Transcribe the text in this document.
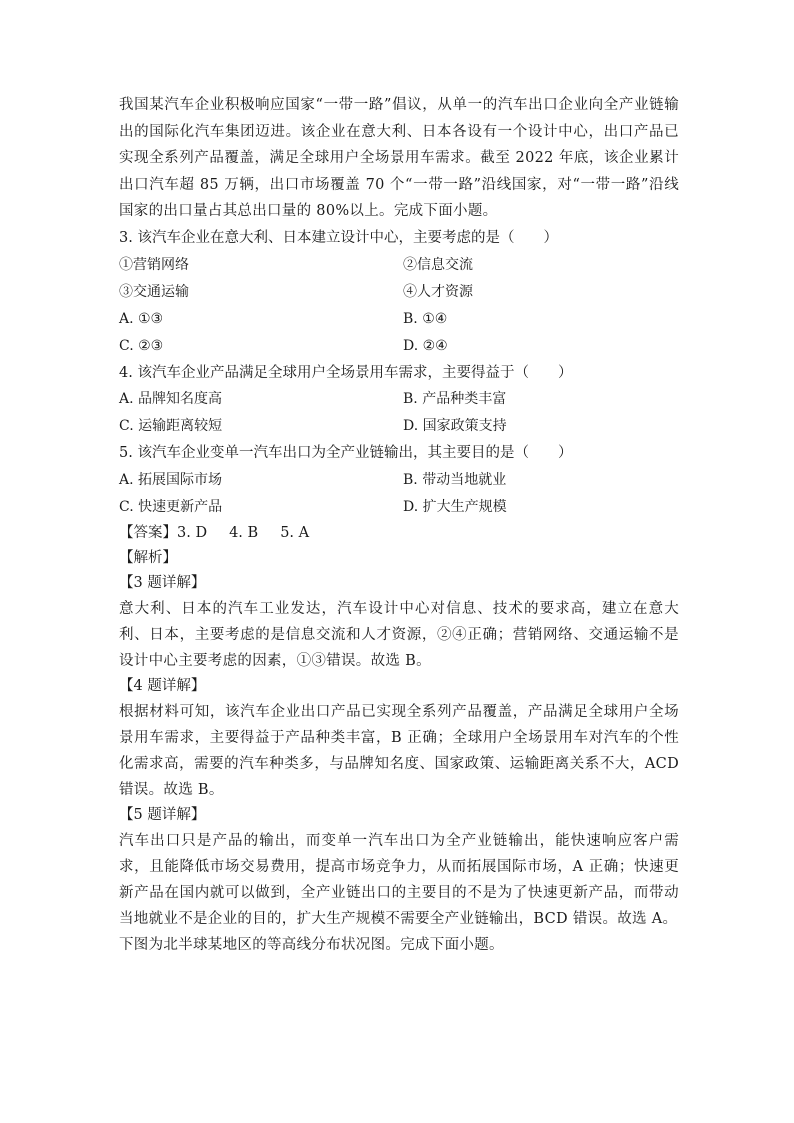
我国某汽车企业积极响应国家“一带一路”倡议，从单一的汽车出口企业向全产业链输出的国际化汽车集团迈进。该企业在意大利、日本各设有一个设计中心，出口产品已实现全系列产品覆盖，满足全球用户全场景用车需求。截至 2022 年底，该企业累计出口汽车超 85 万辆，出口市场覆盖 70 个“一带一路”沿线国家，对“一带一路”沿线国家的出口量占其总出口量的 80%以上。完成下面小题。

3. 该汽车企业在意大利、日本建立设计中心，主要考虑的是（　　）

①营销网络	②信息交流

③交通运输	④人才资源

A. ①③	B. ①④

C. ②③	D. ②④

4. 该汽车企业产品满足全球用户全场景用车需求，主要得益于（　　）

A. 品牌知名度高	B. 产品种类丰富

C. 运输距离较短	D. 国家政策支持

5. 该汽车企业变单一汽车出口为全产业链输出，其主要目的是（　　）

A. 拓展国际市场	B. 带动当地就业

C. 快速更新产品	D. 扩大生产规模

【答案】3. D 4. B 5. A

【解析】

【3 题详解】

意大利、日本的汽车工业发达，汽车设计中心对信息、技术的要求高，建立在意大利、日本，主要考虑的是信息交流和人才资源，②④正确；营销网络、交通运输不是设计中心主要考虑的因素，①③错误。故选 B。

【4 题详解】

根据材料可知，该汽车企业出口产品已实现全系列产品覆盖，产品满足全球用户全场景用车需求，主要得益于产品种类丰富，B 正确；全球用户全场景用车对汽车的个性化需求高，需要的汽车种类多，与品牌知名度、国家政策、运输距离关系不大，ACD 错误。故选 B。

【5 题详解】

汽车出口只是产品的输出，而变单一汽车出口为全产业链输出，能快速响应客户需求，且能降低市场交易费用，提高市场竞争力，从而拓展国际市场，A 正确；快速更新产品在国内就可以做到，全产业链出口的主要目的不是为了快速更新产品，而带动当地就业不是企业的目的，扩大生产规模不需要全产业链输出，BCD 错误。故选 A。

下图为北半球某地区的等高线分布状况图。完成下面小题。
